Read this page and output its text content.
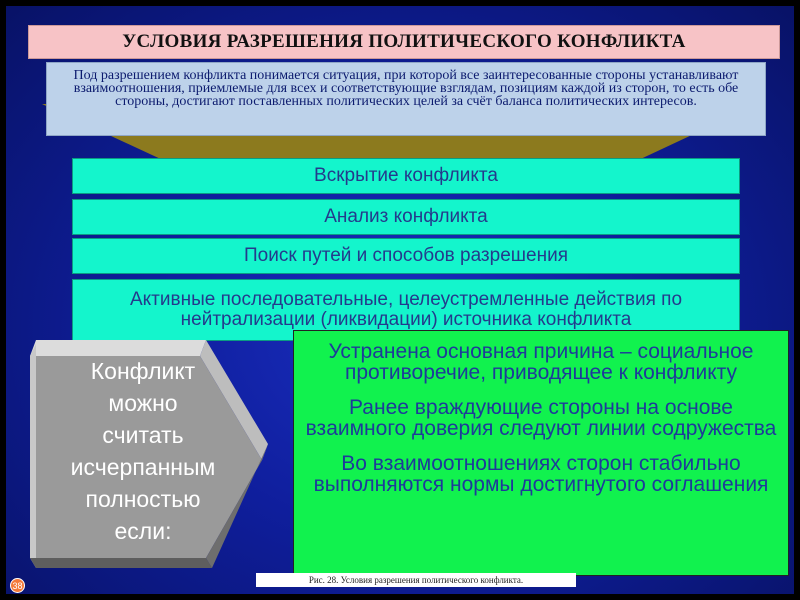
УСЛОВИЯ РАЗРЕШЕНИЯ ПОЛИТИЧЕСКОГО КОНФЛИКТА
Под разрешением конфликта понимается ситуация, при которой все заинтересованные стороны устанавливают взаимоотношения, приемлемые для всех и соответствующие взглядам, позициям каждой из сторон, то есть обе стороны, достигают поставленных политических целей за счёт баланса политических интересов.
Вскрытие конфликта
Анализ конфликта
Поиск путей и способов разрешения
Активные последовательные, целеустремленные действия по нейтрализации (ликвидации) источника конфликта
Конфликт
можно
считать
исчерпанным
полностью
если:

Устранена основная причина – социальное противоречие, приводящее к конфликту

Ранее враждующие стороны на основе взаимного доверия следуют линии содружества

Во взаимоотношениях сторон стабильно выполняются нормы достигнутого соглашения

Рис. 28. Условия разрешения политического конфликта.
38
